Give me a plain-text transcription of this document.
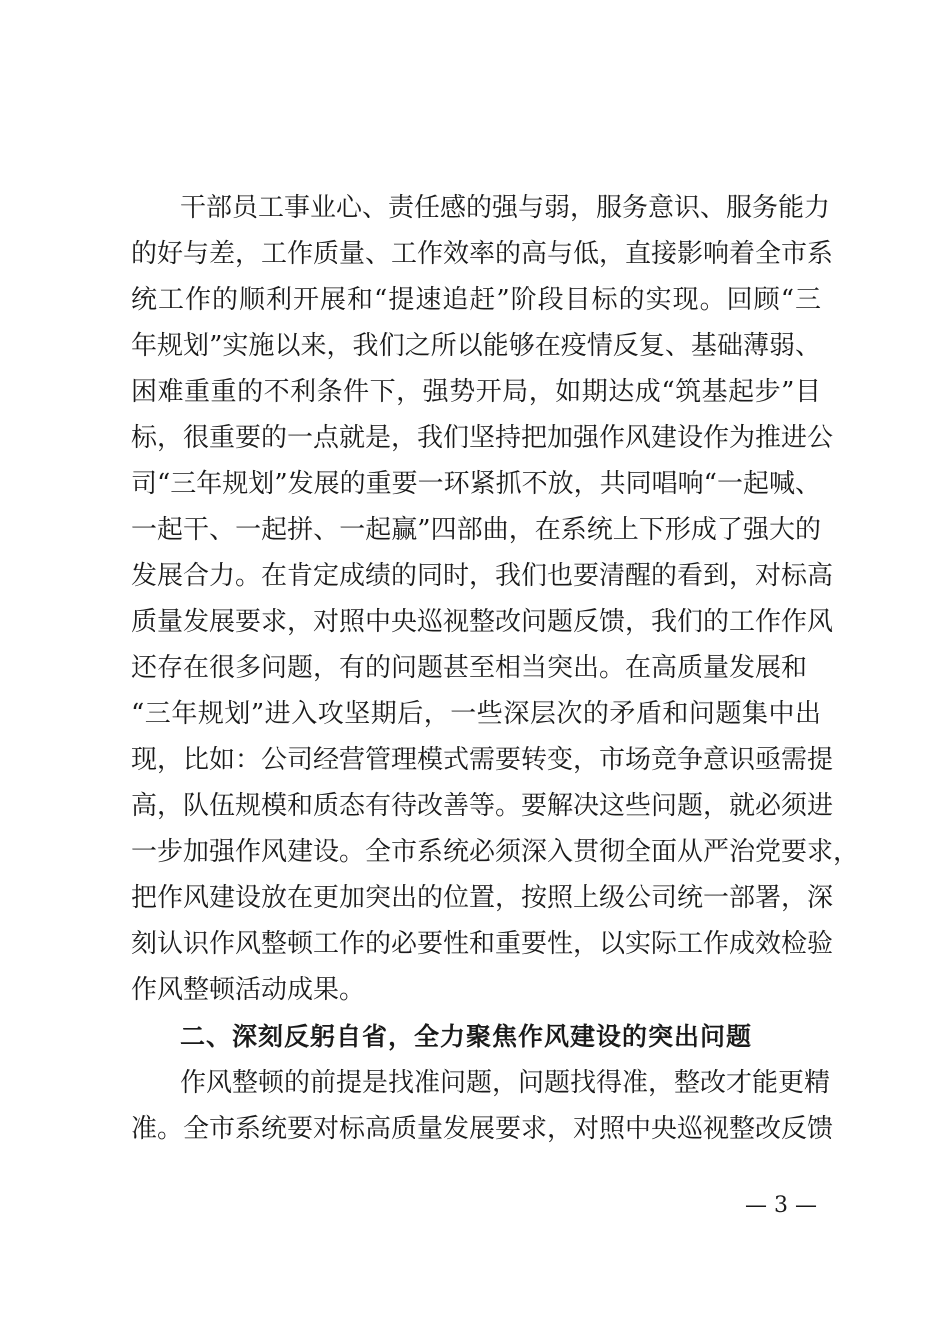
干部员工事业心、责任感的强与弱，服务意识、服务能力
的好与差，工作质量、工作效率的高与低，直接影响着全市系
统工作的顺利开展和“提速追赶”阶段目标的实现。回顾“三
年规划”实施以来，我们之所以能够在疫情反复、基础薄弱、
困难重重的不利条件下，强势开局，如期达成“筑基起步”目
标，很重要的一点就是，我们坚持把加强作风建设作为推进公
司“三年规划”发展的重要一环紧抓不放，共同唱响“一起喊、
一起干、一起拼、一起赢”四部曲，在系统上下形成了强大的
发展合力。在肯定成绩的同时，我们也要清醒的看到，对标高
质量发展要求，对照中央巡视整改问题反馈，我们的工作作风
还存在很多问题，有的问题甚至相当突出。在高质量发展和
“三年规划”进入攻坚期后，一些深层次的矛盾和问题集中出
现，比如：公司经营管理模式需要转变，市场竞争意识亟需提
高，队伍规模和质态有待改善等。要解决这些问题，就必须进
一步加强作风建设。全市系统必须深入贯彻全面从严治党要求，
把作风建设放在更加突出的位置，按照上级公司统一部署，深
刻认识作风整顿工作的必要性和重要性，以实际工作成效检验
作风整顿活动成果。
二、深刻反躬自省，全力聚焦作风建设的突出问题
作风整顿的前提是找准问题，问题找得准，整改才能更精
准。全市系统要对标高质量发展要求，对照中央巡视整改反馈
— 3 —
